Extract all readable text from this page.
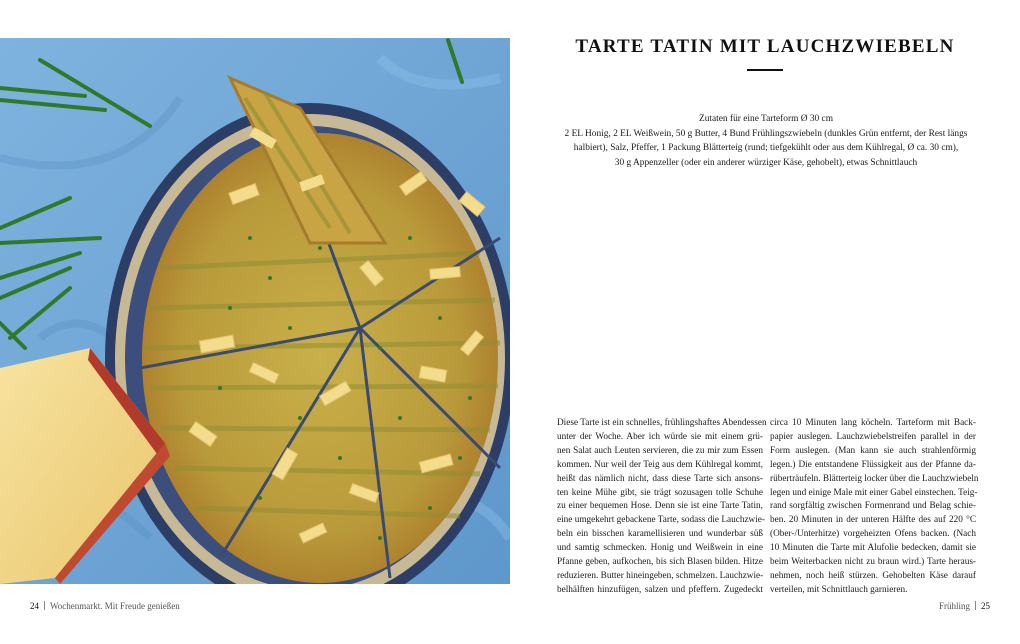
TARTE TATIN MIT LAUCHZWIEBELN

Zutaten für eine Tarteform Ø 30 cm

2 EL Honig, 2 EL Weißwein, 50 g Butter, 4 Bund Frühlingszwiebeln (dunkles Grün entfernt, der Rest längs

halbiert), Salz, Pfeffer, 1 Packung Blätterteig (rund; tiefgekühlt oder aus dem Kühlregal, Ø ca. 30 cm),

30 g Appenzeller (oder ein anderer würziger Käse, gehobelt), etwas Schnittlauch

Diese Tarte ist ein schnelles, frühlingshaftes Abendessen

unter der Woche. Aber ich würde sie mit einem grü-

nen Salat auch Leuten servieren, die zu mir zum Essen

kommen. Nur weil der Teig aus dem Kühlregal kommt,

heißt das nämlich nicht, dass diese Tarte sich ansons-

ten keine Mühe gibt, sie trägt sozusagen tolle Schuhe

zu einer bequemen Hose. Denn sie ist eine Tarte Tatin,

eine umgekehrt gebackene Tarte, sodass die Lauchzwie-

beln ein bisschen karamellisieren und wunderbar süß

und samtig schmecken. Honig und Weißwein in eine

Pfanne geben, aufkochen, bis sich Blasen bilden. Hitze

reduzieren. Butter hineingeben, schmelzen. Lauchzwie-

belhälften hinzufügen, salzen und pfeffern. Zugedeckt

circa 10 Minuten lang köcheln. Tarteform mit Back-

papier auslegen. Lauchzwiebelstreifen parallel in der

Form auslegen. (Man kann sie auch strahlenförmig

legen.) Die entstandene Flüssigkeit aus der Pfanne da-

rübertr​äufeln. Blätterteig locker über die Lauchzwiebeln

legen und einige Male mit einer Gabel einstechen. Teig-

rand sorgfältig zwischen Formenrand und Belag schie-

ben. 20 Minuten in der unteren Hälfte des auf 220 °C

(Ober-/Unterhitze) vorgeheizten Ofens backen. (Nach

10 Minuten die Tarte mit Alufolie bedecken, damit sie

beim Weiterbacken nicht zu braun wird.) Tarte heraus-

nehmen, noch heiß stürzen. Gehobelten Käse darauf

verteilen, mit Schnittlauch garnieren.

24 Wochenmarkt. Mit Freude genießen	Frühling 25
